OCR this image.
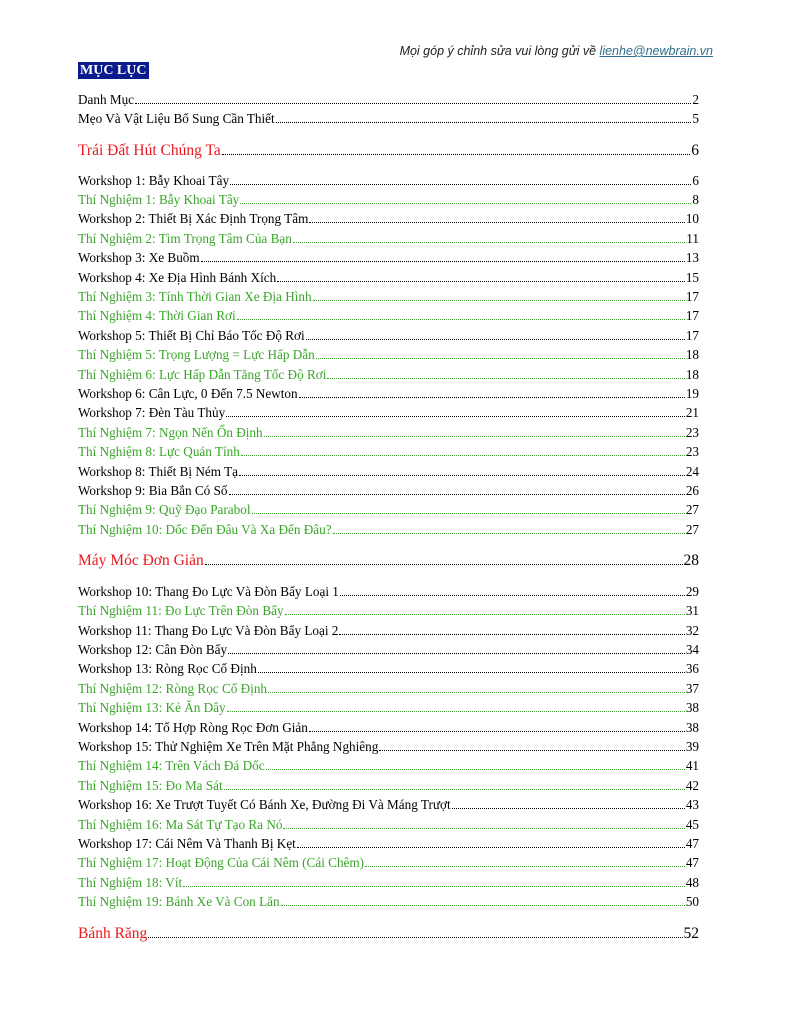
Mọi góp ý chỉnh sửa vui lòng gửi về lienhe@newbrain.vn
MỤC LỤC
Danh Mục	2
Mẹo Và Vật Liệu Bổ Sung Cần Thiết	5
Trái Đất Hút Chúng Ta	6
Workshop 1: Bẫy Khoai Tây	6
Thí Nghiệm 1: Bẫy Khoai Tây	8
Workshop 2: Thiết Bị Xác Định Trọng Tâm	10
Thí Nghiệm 2: Tìm Trọng Tâm Của Bạn	11
Workshop 3: Xe Buồm	13
Workshop 4: Xe Địa Hình Bánh Xích	15
Thí Nghiệm 3: Tính Thời Gian Xe Địa Hình	17
Thí Nghiệm 4: Thời Gian Rơi	17
Workshop 5: Thiết Bị Chỉ Báo Tốc Độ Rơi	17
Thí Nghiệm 5: Trọng Lượng = Lực Hấp Dẫn	18
Thí Nghiệm 6: Lực Hấp Dẫn Tăng Tốc Độ Rơi	18
Workshop 6: Cân Lực, 0 Đến 7.5 Newton	19
Workshop 7: Đèn Tàu Thủy	21
Thí Nghiệm 7: Ngọn Nến Ổn Định	23
Thí Nghiệm 8: Lực Quán Tính	23
Workshop 8: Thiết Bị Ném Tạ	24
Workshop 9: Bia Bắn Có Số	26
Thí Nghiệm 9: Quỹ Đạo Parabol	27
Thí Nghiệm 10: Dốc Đến Đâu Và Xa Đến Đâu?	27
Máy Móc Đơn Giản	28
Workshop 10: Thang Đo Lực Và Đòn Bẩy Loại 1	29
Thí Nghiệm 11: Đo Lực Trên Đòn Bẩy	31
Workshop 11: Thang Đo Lực Và Đòn Bẩy Loại 2	32
Workshop 12: Cân Đòn Bẩy	34
Workshop 13: Ròng Rọc Cố Định	36
Thí Nghiệm 12: Ròng Rọc Cố Định	37
Thí Nghiệm 13: Kẻ Ăn Dây	38
Workshop 14: Tổ Hợp Ròng Rọc Đơn Giản	38
Workshop 15: Thử Nghiệm Xe Trên Mặt Phẳng Nghiêng	39
Thí Nghiệm 14: Trên Vách Đá Dốc	41
Thí Nghiệm 15: Đo Ma Sát	42
Workshop 16: Xe Trượt Tuyết Có Bánh Xe, Đường Đi Và Máng Trượt	43
Thí Nghiệm 16: Ma Sát Tự Tạo Ra Nó	45
Workshop 17: Cái Nêm Và Thanh Bị Kẹt	47
Thí Nghiệm 17: Hoạt Động Của Cái Nêm (Cái Chêm)	47
Thí Nghiệm 18: Vít	48
Thí Nghiệm 19: Bánh Xe Và Con Lăn	50
Bánh Răng	52
